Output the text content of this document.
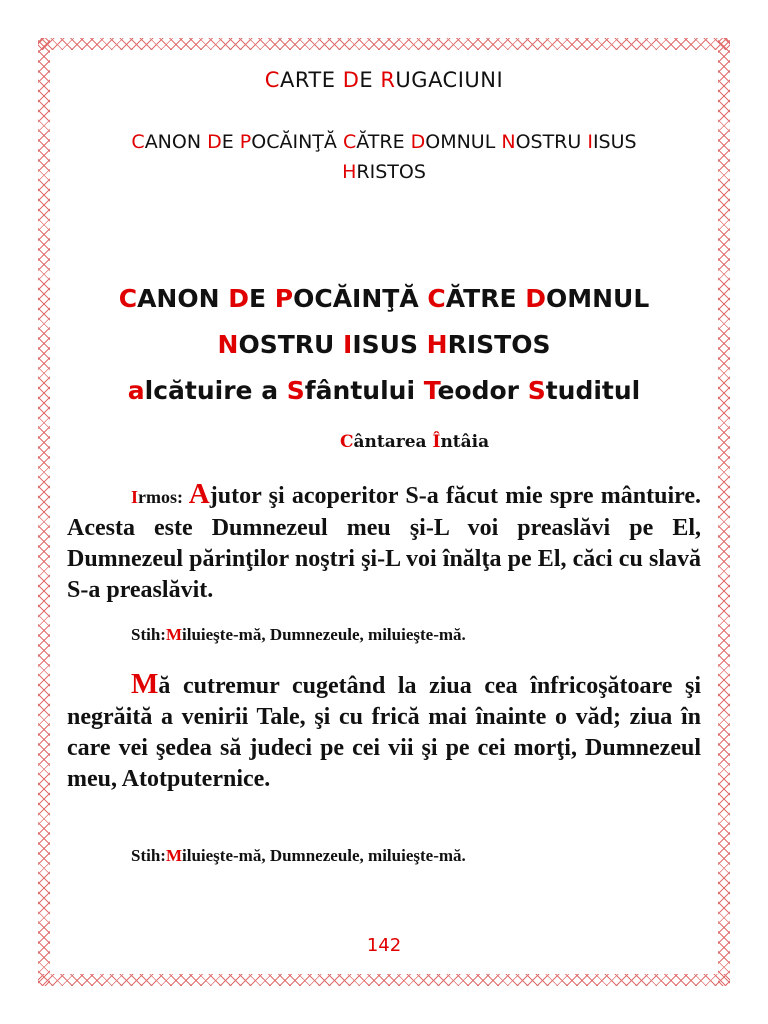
CARTE DE RUGACIUNI
CANON DE POCĂINŢĂ CĂTRE DOMNUL NOSTRU IISUS
HRISTOS
CANON DE POCĂINŢĂ CĂTRE DOMNUL
NOSTRU IISUS HRISTOS
alcătuire a Sfântului Teodor Studitul
Cântarea Întâia
Irmos: Ajutor şi acoperitor S-a făcut mie spre mântuire. Acesta este Dumnezeul meu şi-L voi preaslăvi pe El, Dumnezeul părinţilor noştri şi-L voi înălţa pe El, căci cu slavă S-a preaslăvit.
Stih:Miluieşte-mă, Dumnezeule, miluieşte-mă.
Mă cutremur cugetând la ziua cea înfricoşătoare şi negrăită a venirii Tale, şi cu frică mai înainte o văd; ziua în care vei şedea să judeci pe cei vii şi pe cei morţi, Dumnezeul meu, Atotputernice.
Stih:Miluieşte-mă, Dumnezeule, miluieşte-mă.
142
